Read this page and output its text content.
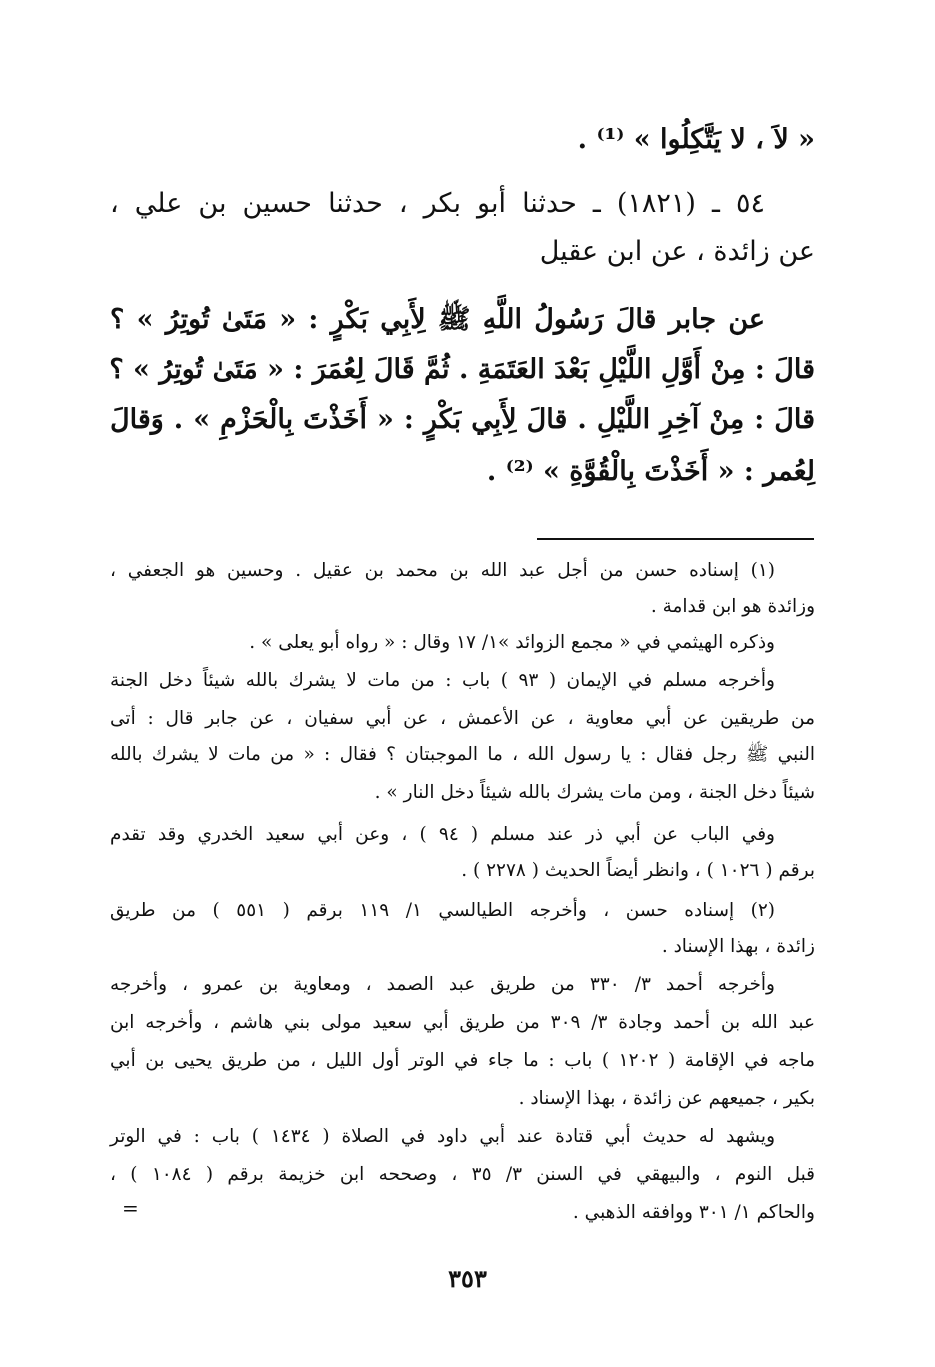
« لاَ ، لا يَتَّكِلُوا » ⁽¹⁾ .
٥٤ ـ (١٨٢١) ـ حدثنا أبو بكر ، حدثنا حسين بن علي ،
عن زائدة ، عن ابن عقيل
عن جابر قالَ رَسُولُ اللَّهِ ﷺ لِأَبِي بَكْرٍ : « مَتَىٰ تُوتِرُ » ؟
قالَ : مِنْ أَوَّلِ اللَّيْلِ بَعْدَ العَتَمَةِ . ثُمَّ قَالَ لِعُمَرَ : « مَتَىٰ تُوتِرُ » ؟
قالَ : مِنْ آخِرِ اللَّيْلِ . قالَ لِأَبِي بَكْرٍ : « أَخَذْتَ بِالْحَزْمِ » . وَقالَ
لِعُمر : « أَخَذْتَ بِالْقُوَّةِ » ⁽²⁾ .
(١) إسناده حسن من أجل عبد الله بن محمد بن عقيل . وحسين هو الجعفي ،
وزائدة هو ابن قدامة .
وذكره الهيثمي في « مجمع الزوائد »١/ ١٧ وقال : « رواه أبو يعلى » .
وأخرجه مسلم في الإيمان ( ٩٣ ) باب : من مات لا يشرك بالله شيئاً دخل الجنة
من طريقين عن أبي معاوية ، عن الأعمش ، عن أبي سفيان ، عن جابر قال : أتى
النبي ﷺ رجل فقال : يا رسول الله ، ما الموجبتان ؟ فقال : « من مات لا يشرك بالله
شيئاً دخل الجنة ، ومن مات يشرك بالله شيئاً دخل النار » .
وفي الباب عن أبي ذر عند مسلم ( ٩٤ ) ، وعن أبي سعيد الخدري وقد تقدم
برقم ( ١٠٢٦ ) ، وانظر أيضاً الحديث ( ٢٢٧٨ ) .
(٢) إسناده حسن ، وأخرجه الطيالسي ١/ ١١٩ برقم ( ٥٥١ ) من طريق
زائدة ، بهذا الإسناد .
وأخرجه أحمد ٣/ ٣٣٠ من طريق عبد الصمد ، ومعاوية بن عمرو ، وأخرجه
عبد الله بن أحمد وجادة ٣/ ٣٠٩ من طريق أبي سعيد مولى بني هاشم ، وأخرجه ابن
ماجه في الإقامة ( ١٢٠٢ ) باب : ما جاء في الوتر أول الليل ، من طريق يحيى بن أبي
بكير ، جميعهم عن زائدة ، بهذا الإسناد .
ويشهد له حديث أبي قتادة عند أبي داود في الصلاة ( ١٤٣٤ ) باب : في الوتر
قبل النوم ، والبيهقي في السنن ٣/ ٣٥ ، وصححه ابن خزيمة برقم ( ١٠٨٤ ) ،
والحاكم ١/ ٣٠١ ووافقه الذهبي .
=
٣٥٣
